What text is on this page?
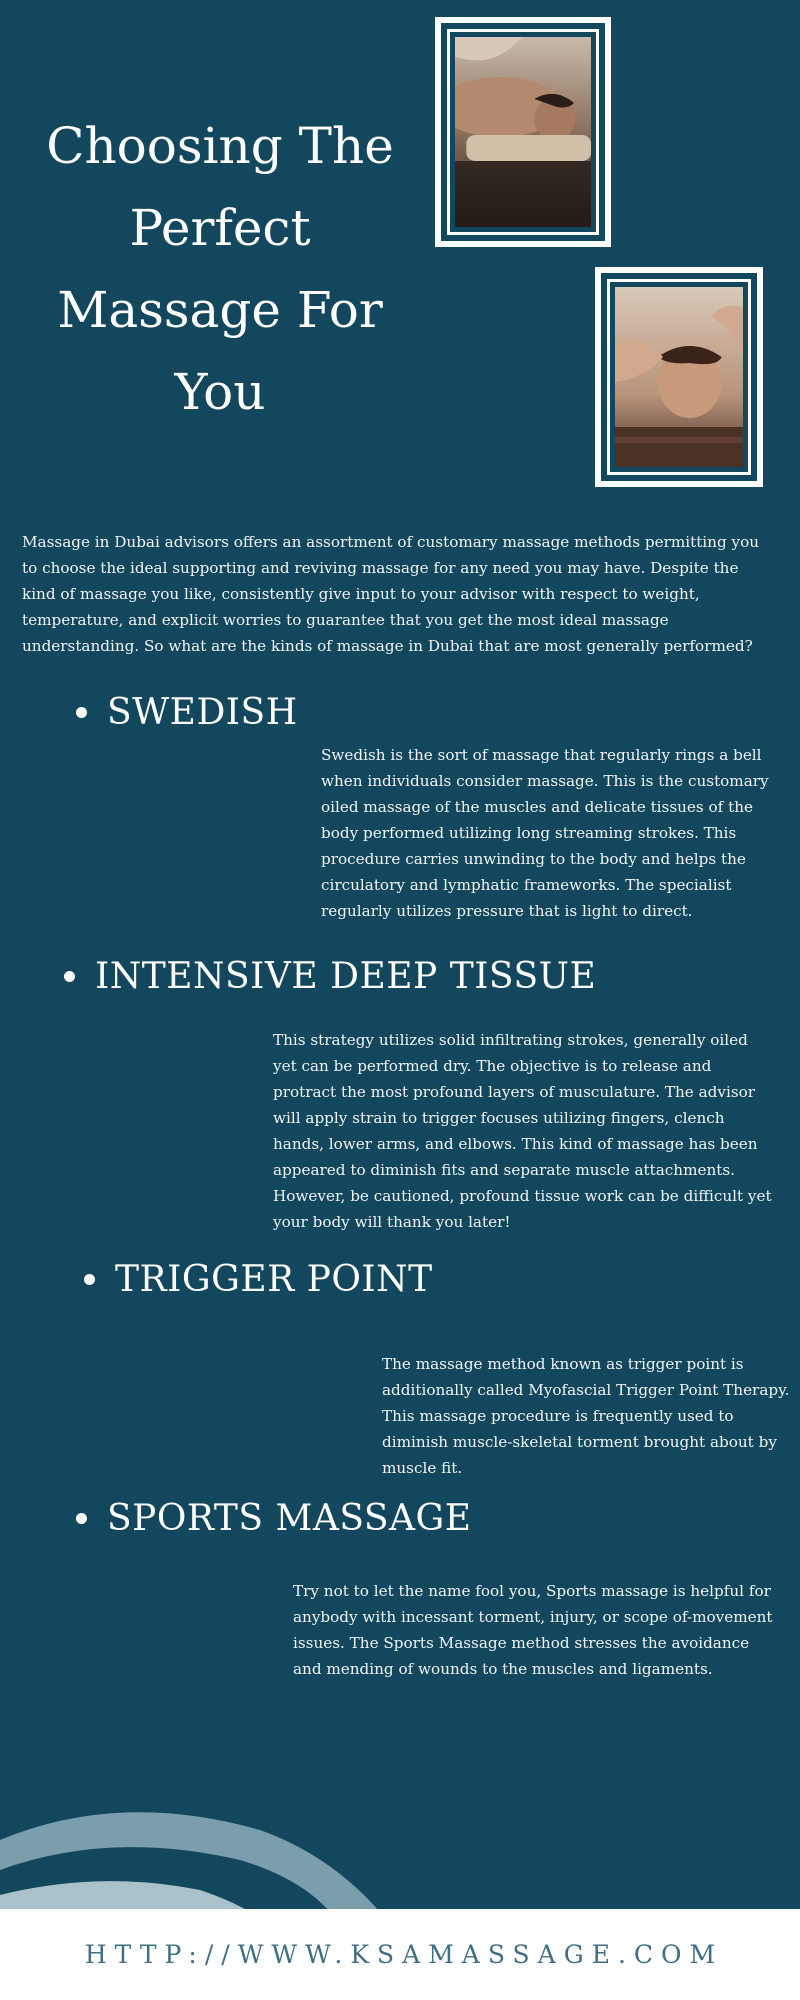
Choosing The Perfect Massage For You

Massage in Dubai advisors offers an assortment of customary massage methods permitting you to choose the ideal supporting and reviving massage for any need you may have. Despite the kind of massage you like, consistently give input to your advisor with respect to weight, temperature, and explicit worries to guarantee that you get the most ideal massage understanding. So what are the kinds of massage in Dubai that are most generally performed?

SWEDISH

Swedish is the sort of massage that regularly rings a bell when individuals consider massage. This is the customary oiled massage of the muscles and delicate tissues of the body performed utilizing long streaming strokes. This procedure carries unwinding to the body and helps the circulatory and lymphatic frameworks. The specialist regularly utilizes pressure that is light to direct.

INTENSIVE DEEP TISSUE

This strategy utilizes solid infiltrating strokes, generally oiled yet can be performed dry. The objective is to release and protract the most profound layers of musculature. The advisor will apply strain to trigger focuses utilizing fingers, clench hands, lower arms, and elbows. This kind of massage has been appeared to diminish fits and separate muscle attachments. However, be cautioned, profound tissue work can be difficult yet your body will thank you later!

TRIGGER POINT

The massage method known as trigger point is additionally called Myofascial Trigger Point Therapy. This massage procedure is frequently used to diminish muscle-skeletal torment brought about by muscle fit.

SPORTS MASSAGE

Try not to let the name fool you, Sports massage is helpful for anybody with incessant torment, injury, or scope of-movement issues. The Sports Massage method stresses the avoidance and mending of wounds to the muscles and ligaments.

HTTP://WWW.KSAMASSAGE.COM
